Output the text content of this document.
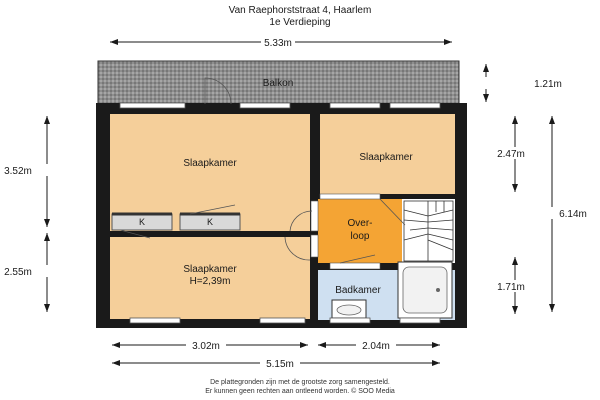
Van Raephorststraat 4, Haarlem
1e Verdieping
Balkon
Slaapkamer
Slaapkamer
Slaapkamer
H=2,39m
Over-
loop
Badkamer
K	K
5.33m
1.21m
2.47m
6.14m
1.71m
3.52m
2.55m
3.02m	2.04m
5.15m
De plattegronden zijn met de grootste zorg samengesteld.
Er kunnen geen rechten aan ontleend worden. © SOO Media
